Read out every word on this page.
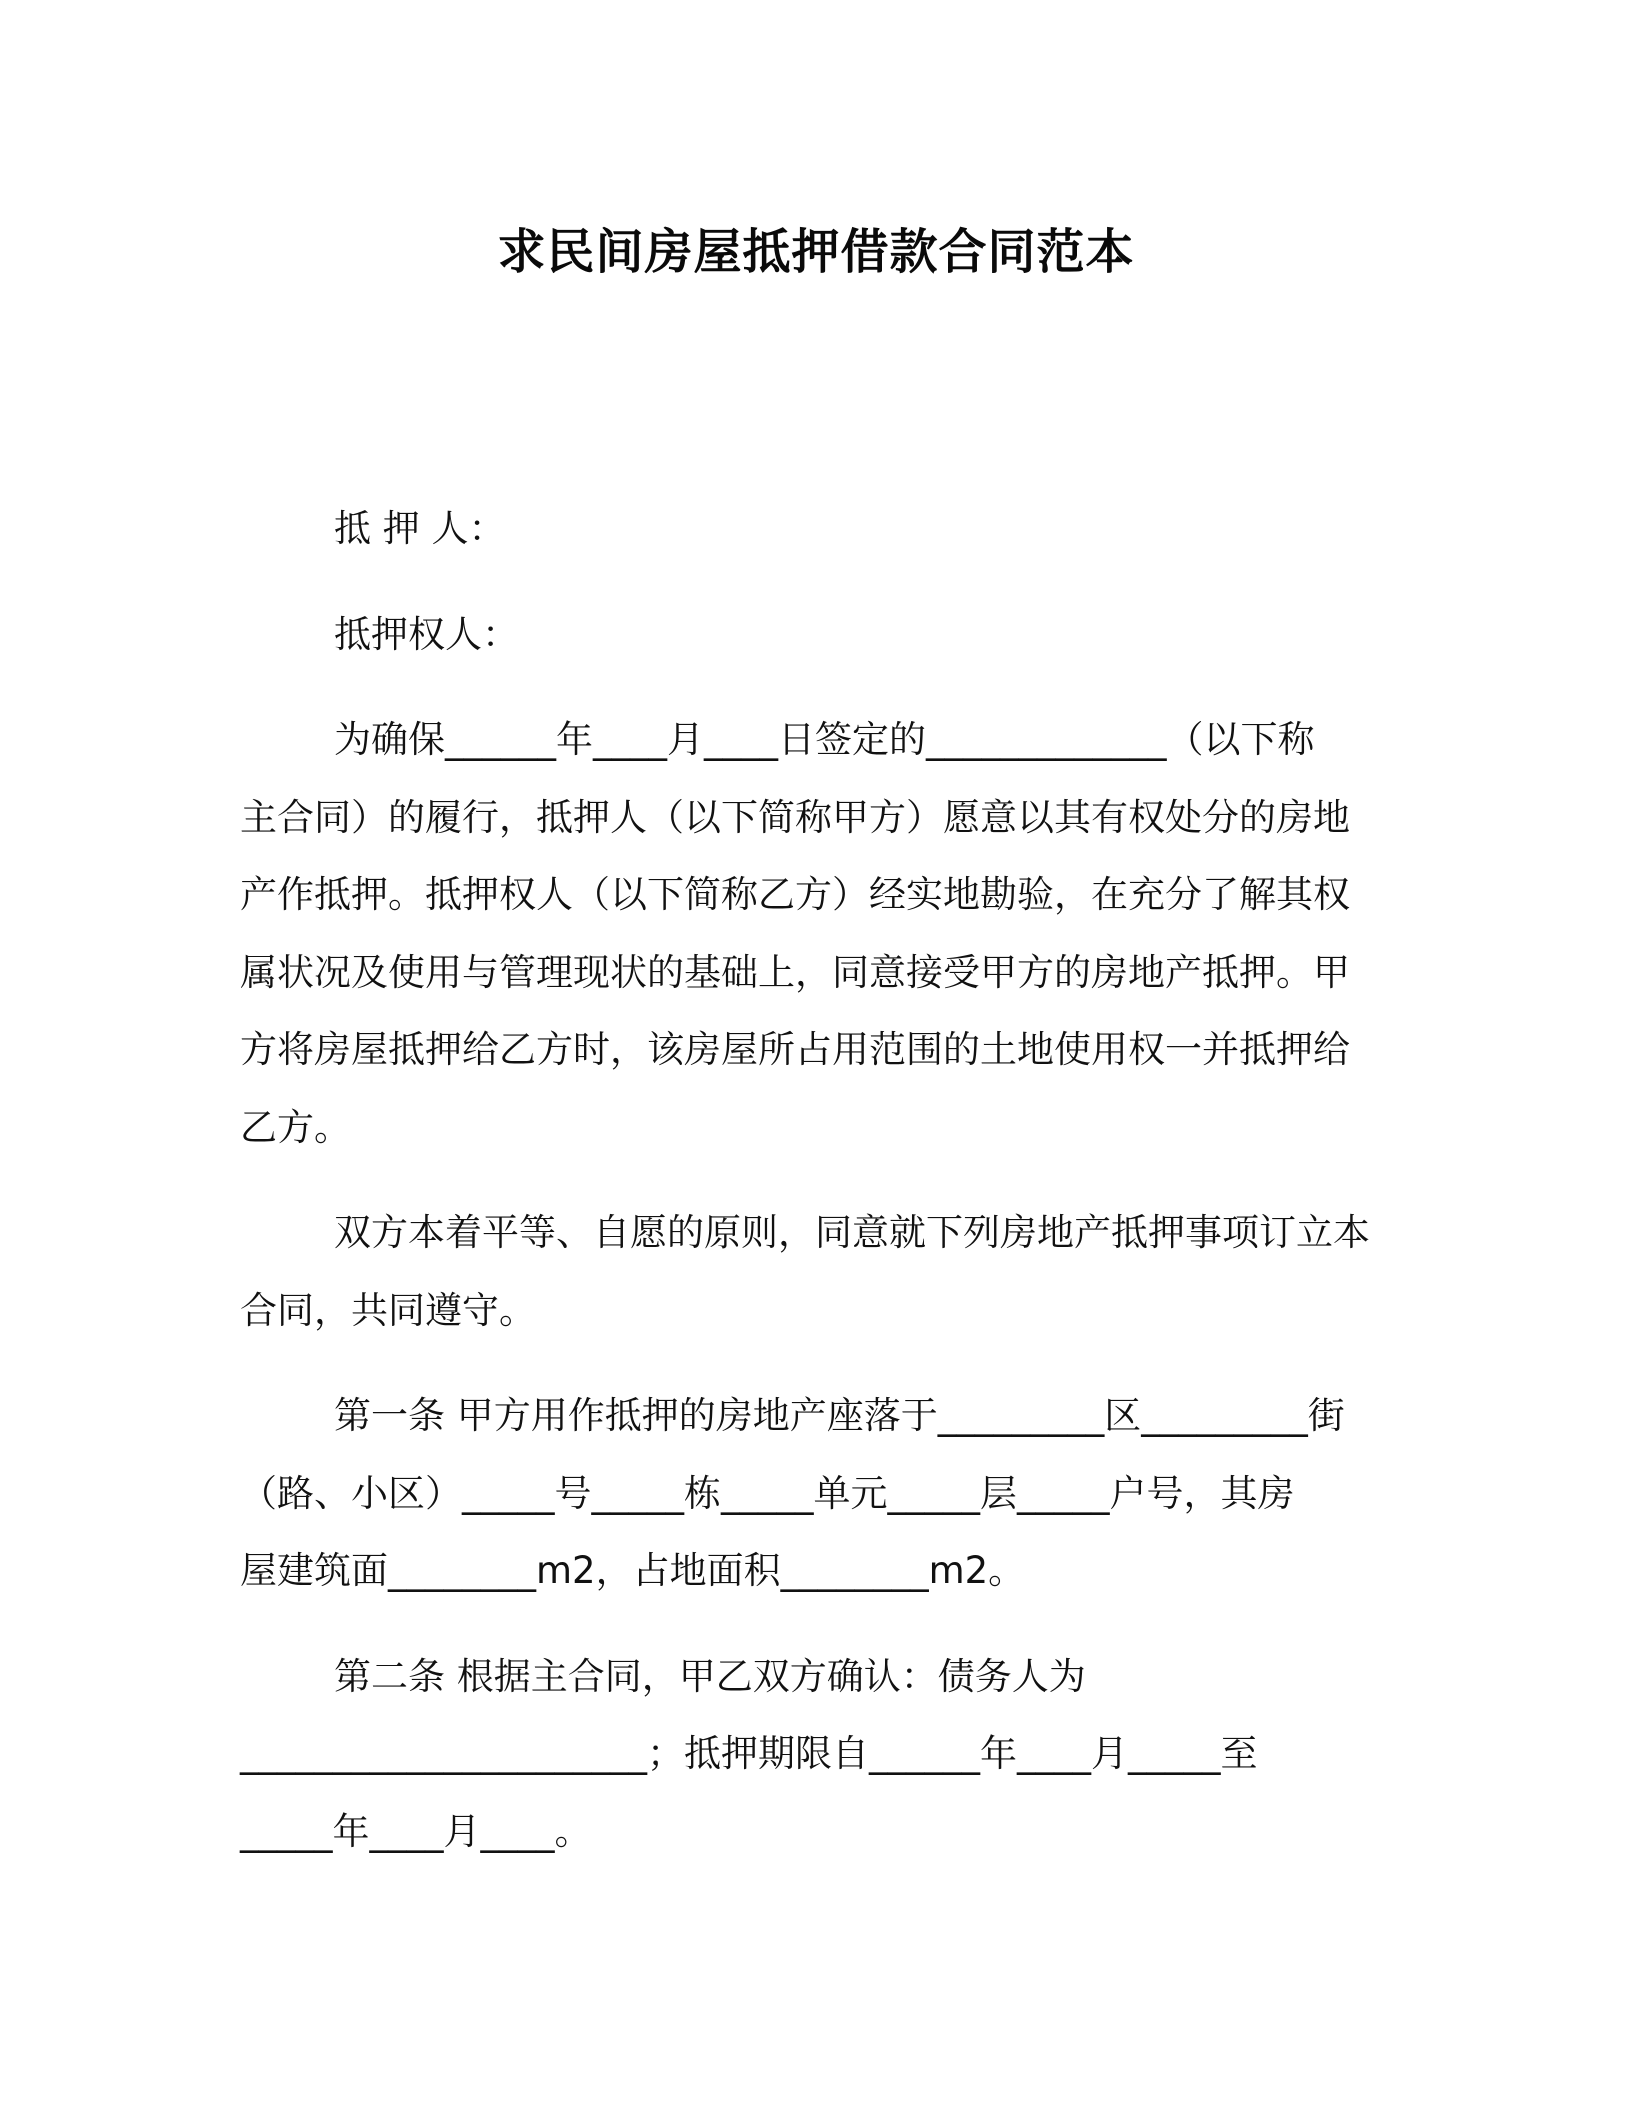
求民间房屋抵押借款合同范本
抵 押 人：
抵押权人：
为确保______年____月____日签定的_____________（以下称
主合同）的履行，抵押人（以下简称甲方）愿意以其有权处分的房地
产作抵押。抵押权人（以下简称乙方）经实地勘验，在充分了解其权
属状况及使用与管理现状的基础上，同意接受甲方的房地产抵押。甲
方将房屋抵押给乙方时，该房屋所占用范围的土地使用权一并抵押给
乙方。
双方本着平等、自愿的原则，同意就下列房地产抵押事项订立本
合同，共同遵守。
第一条 甲方用作抵押的房地产座落于_________区_________街
（路、小区）_____号_____栋_____单元_____层_____户号，其房
屋建筑面________m2，占地面积________m2。
第二条 根据主合同，甲乙双方确认：债务人为
______________________；抵押期限自______年____月_____至
_____年____月____。
